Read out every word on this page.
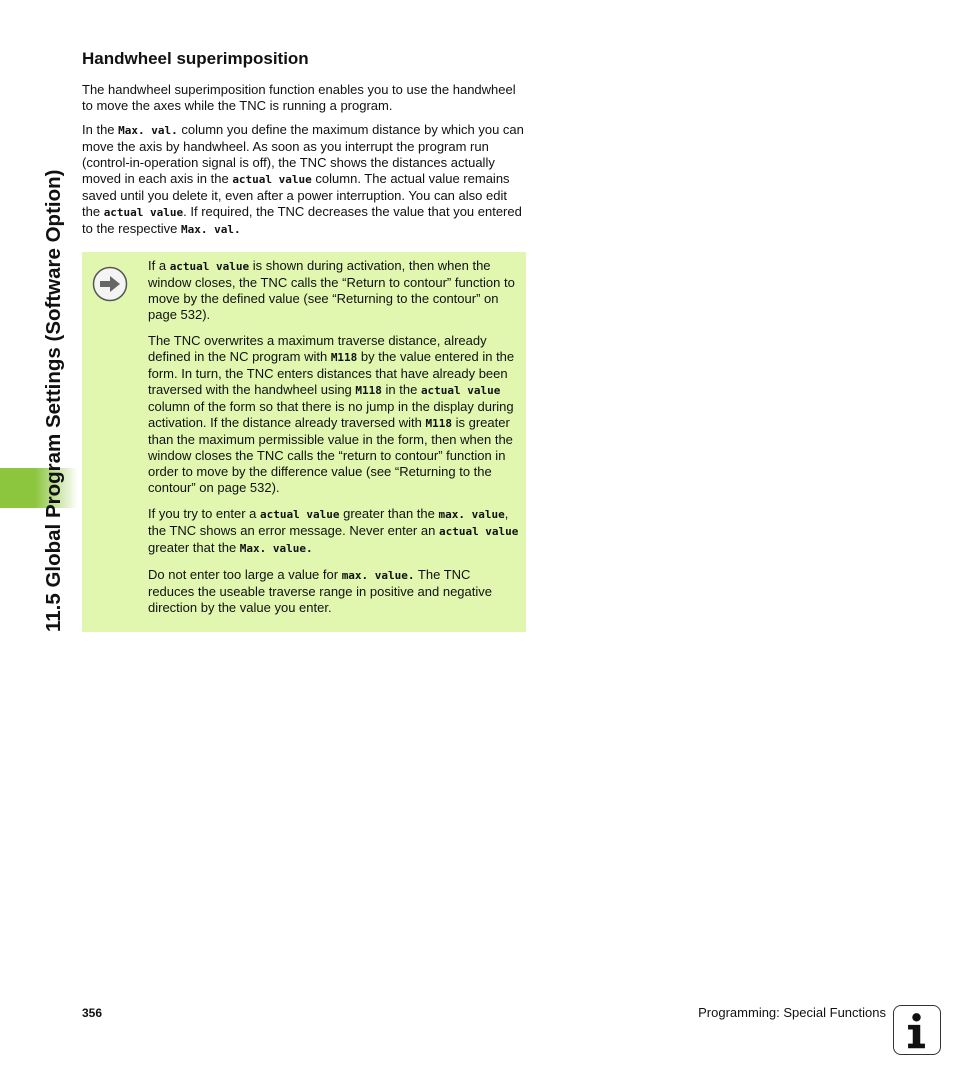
11.5 Global Program Settings (Software Option)
Handwheel superimposition

The handwheel superimposition function enables you to use the handwheel to move the axes while the TNC is running a program.

In the Max. val. column you define the maximum distance by which you can move the axis by handwheel. As soon as you interrupt the program run (control-in-operation signal is off), the TNC shows the distances actually moved in each axis in the actual value column. The actual value remains saved until you delete it, even after a power interruption. You can also edit the actual value. If required, the TNC decreases the value that you entered to the respective Max. val.

If a actual value is shown during activation, then when the window closes, the TNC calls the “Return to contour” function to move by the defined value (see “Returning to the contour” on page 532).

The TNC overwrites a maximum traverse distance, already defined in the NC program with M118 by the value entered in the form. In turn, the TNC enters distances that have already been traversed with the handwheel using M118 in the actual value column of the form so that there is no jump in the display during activation. If the distance already traversed with M118 is greater than the maximum permissible value in the form, then when the window closes the TNC calls the “return to contour” function in order to move by the difference value (see “Returning to the contour” on page 532).

If you try to enter a actual value greater than the max. value, the TNC shows an error message. Never enter an actual value greater that the Max. value.

Do not enter too large a value for max. value. The TNC reduces the useable traverse range in positive and negative direction by the value you enter.

356	Programming: Special Functions
